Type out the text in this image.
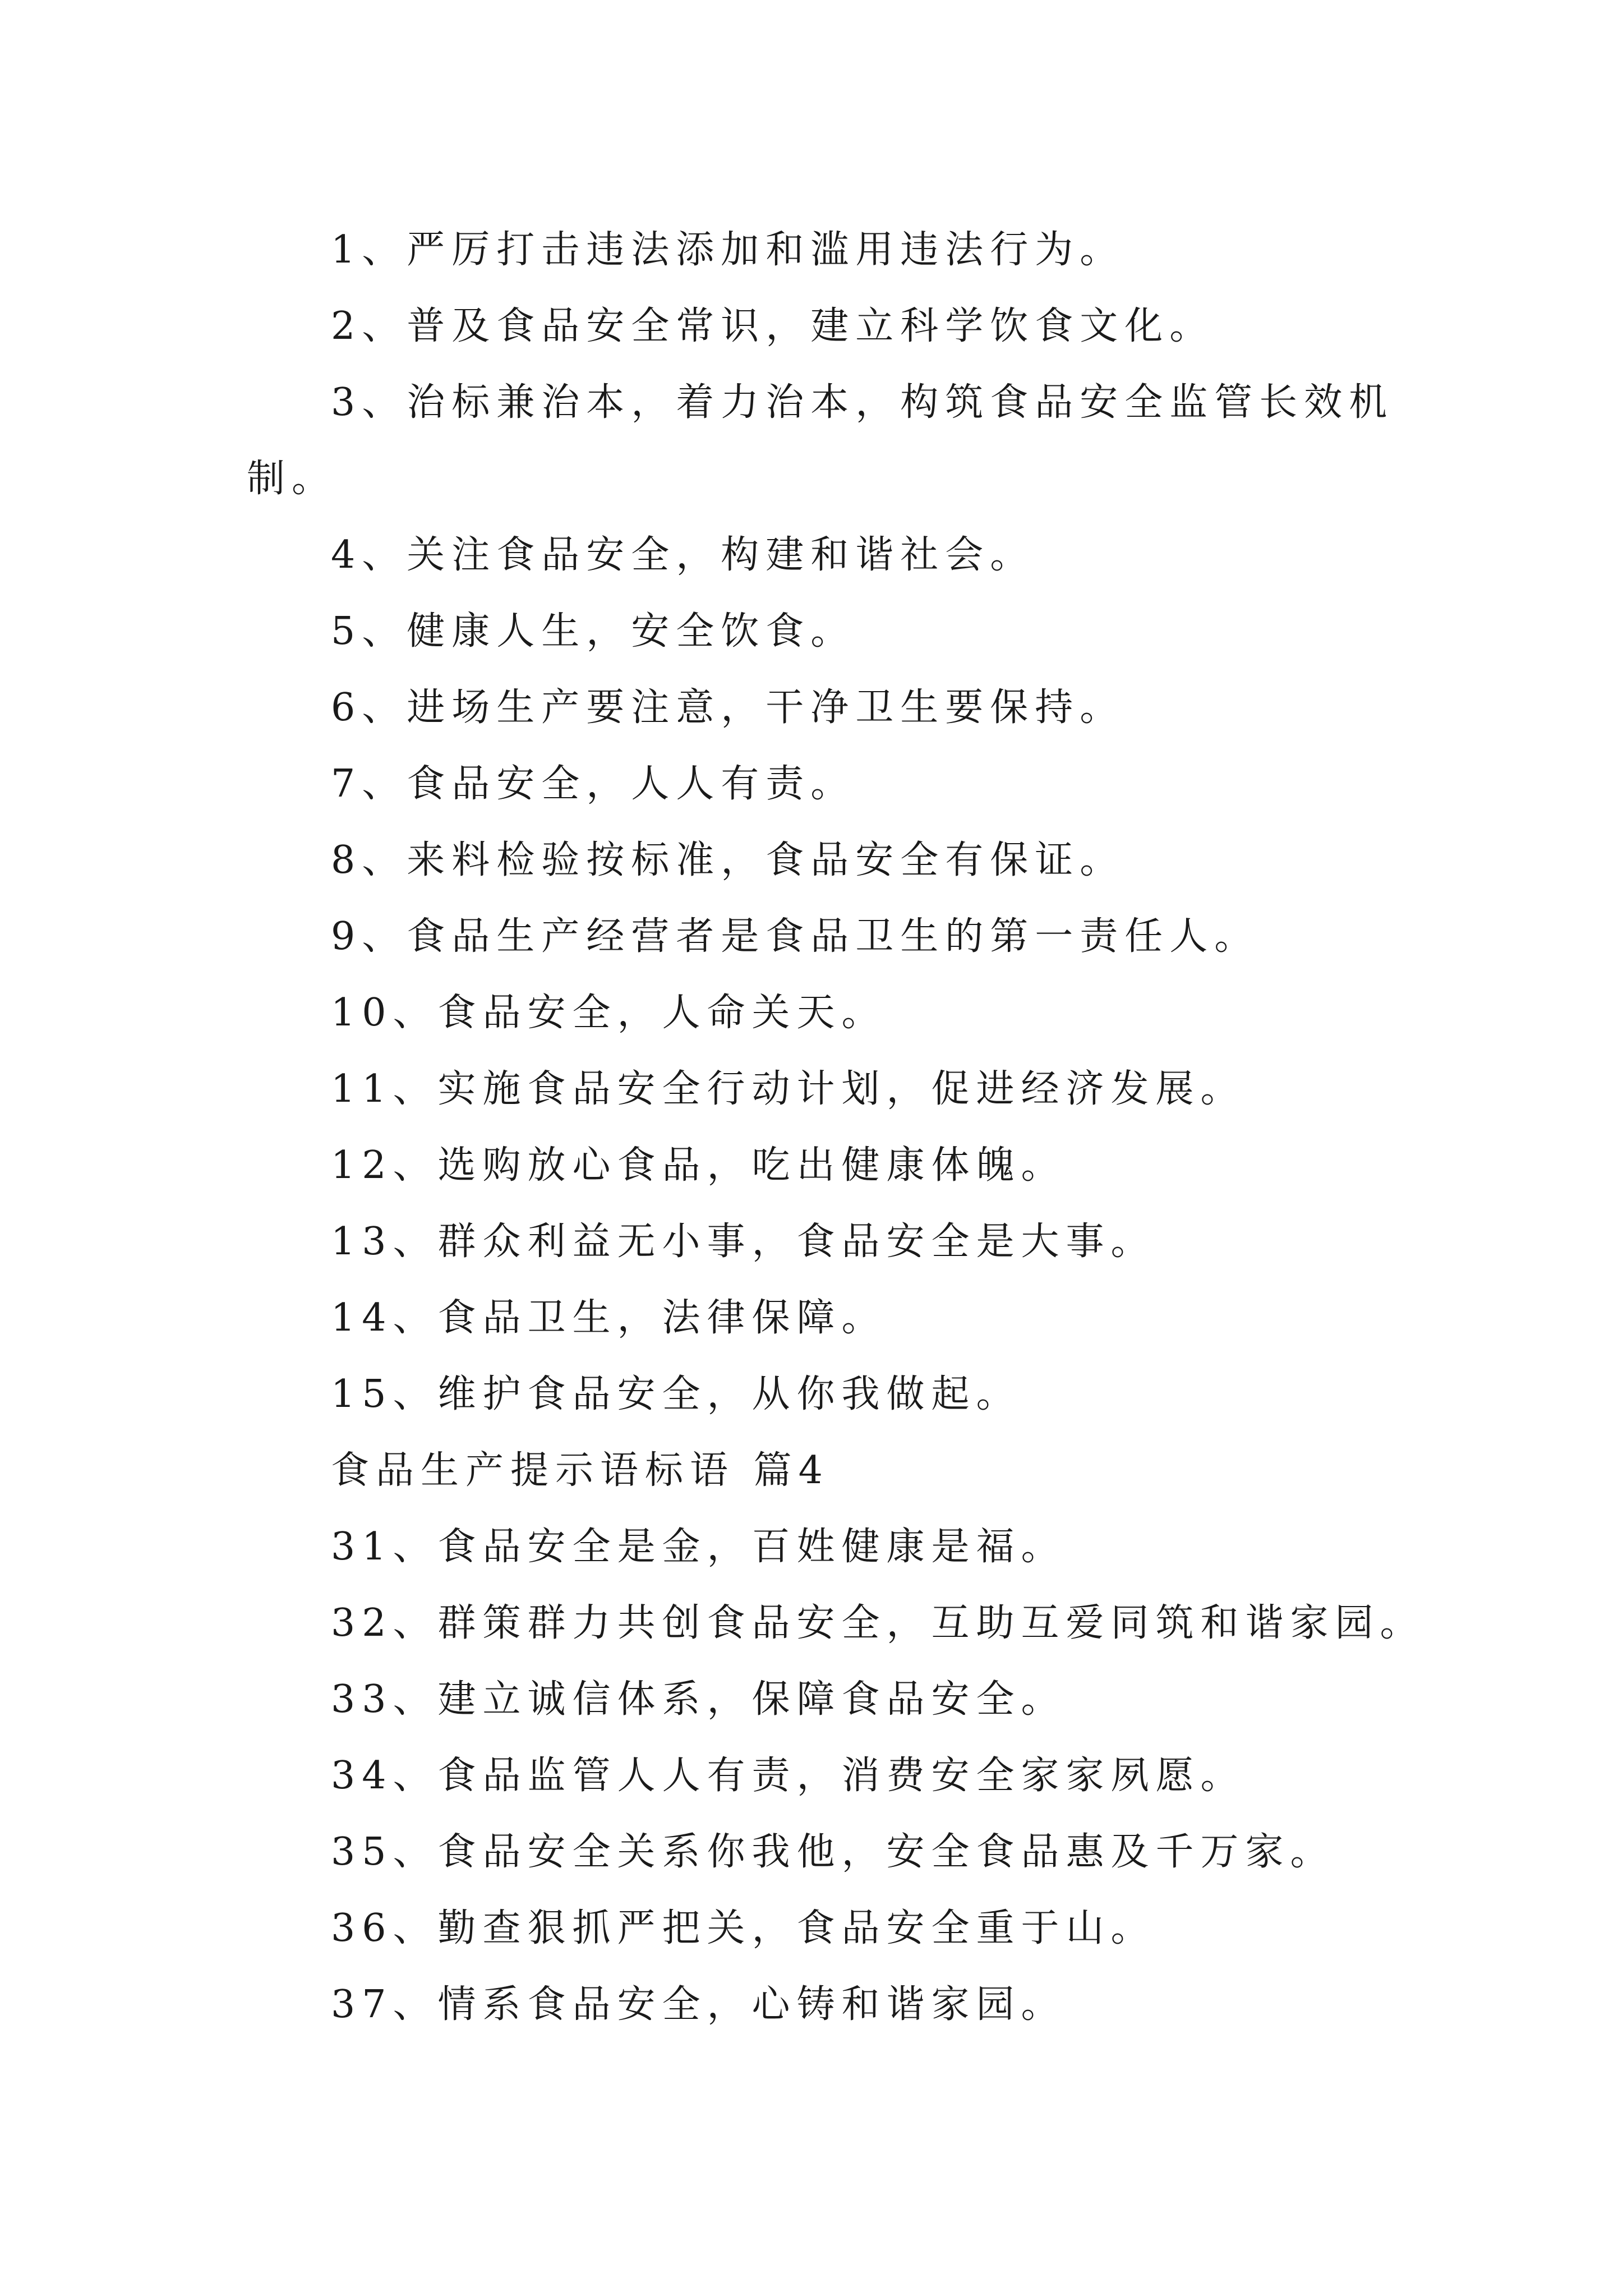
1、严厉打击违法添加和滥用违法行为。
2、普及食品安全常识，建立科学饮食文化。
3、治标兼治本，着力治本，构筑食品安全监管长效机
制。
4、关注食品安全，构建和谐社会。
5、健康人生，安全饮食。
6、进场生产要注意，干净卫生要保持。
7、食品安全，人人有责。
8、来料检验按标准，食品安全有保证。
9、食品生产经营者是食品卫生的第一责任人。
10、食品安全，人命关天。
11、实施食品安全行动计划，促进经济发展。
12、选购放心食品，吃出健康体魄。
13、群众利益无小事，食品安全是大事。
14、食品卫生，法律保障。
15、维护食品安全，从你我做起。
食品生产提示语标语 篇4
31、食品安全是金，百姓健康是福。
32、群策群力共创食品安全，互助互爱同筑和谐家园。
33、建立诚信体系，保障食品安全。
34、食品监管人人有责，消费安全家家夙愿。
35、食品安全关系你我他，安全食品惠及千万家。
36、勤查狠抓严把关，食品安全重于山。
37、情系食品安全，心铸和谐家园。
